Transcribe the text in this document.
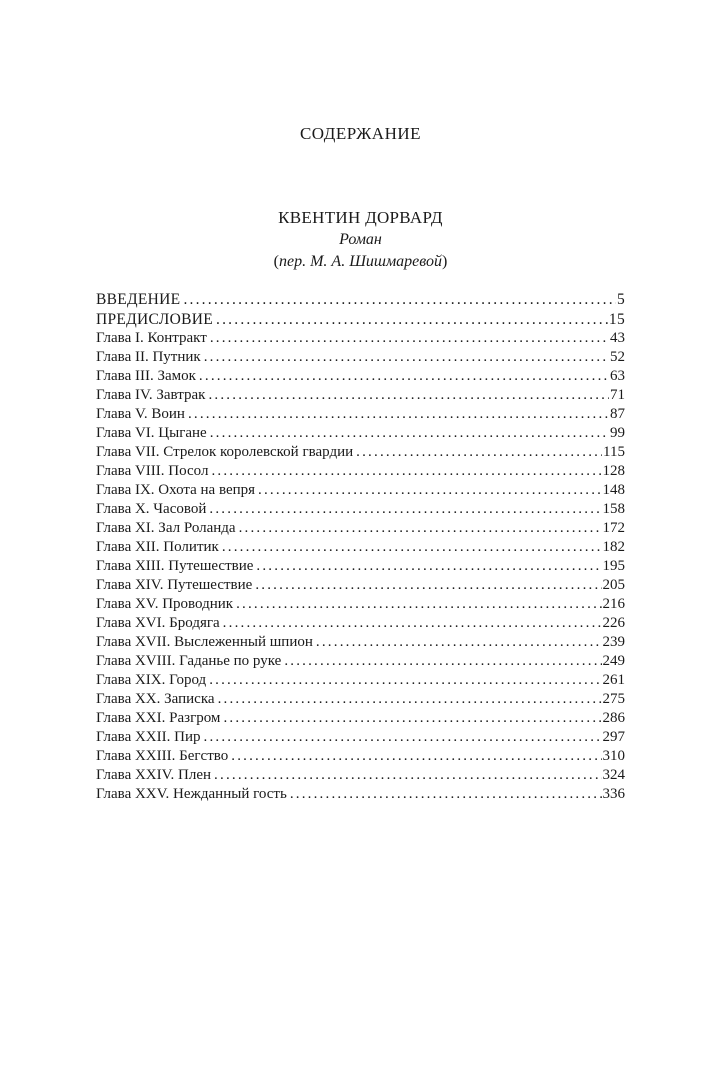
СОДЕРЖАНИЕ
КВЕНТИН ДОРВАРД
Роман
(пер. М. А. Шишмаревой)
ВВЕДЕНИЕ .....	5
ПРЕДИСЛОВИЕ .....	15
Глава I. Контракт .....	43
Глава II. Путник .....	52
Глава III. Замок .....	63
Глава IV. Завтрак .....	71
Глава V. Воин .....	87
Глава VI. Цыгане .....	99
Глава VII. Стрелок королевской гвардии .....	115
Глава VIII. Посол .....	128
Глава IX. Охота на вепря .....	148
Глава X. Часовой .....	158
Глава XI. Зал Роланда .....	172
Глава XII. Политик .....	182
Глава XIII. Путешествие .....	195
Глава XIV. Путешествие .....	205
Глава XV. Проводник .....	216
Глава XVI. Бродяга .....	226
Глава XVII. Выслеженный шпион .....	239
Глава XVIII. Гаданье по руке .....	249
Глава XIX. Город .....	261
Глава XX. Записка .....	275
Глава XXI. Разгром .....	286
Глава XXII. Пир .....	297
Глава XXIII. Бегство .....	310
Глава XXIV. Плен .....	324
Глава XXV. Нежданный гость .....	336
